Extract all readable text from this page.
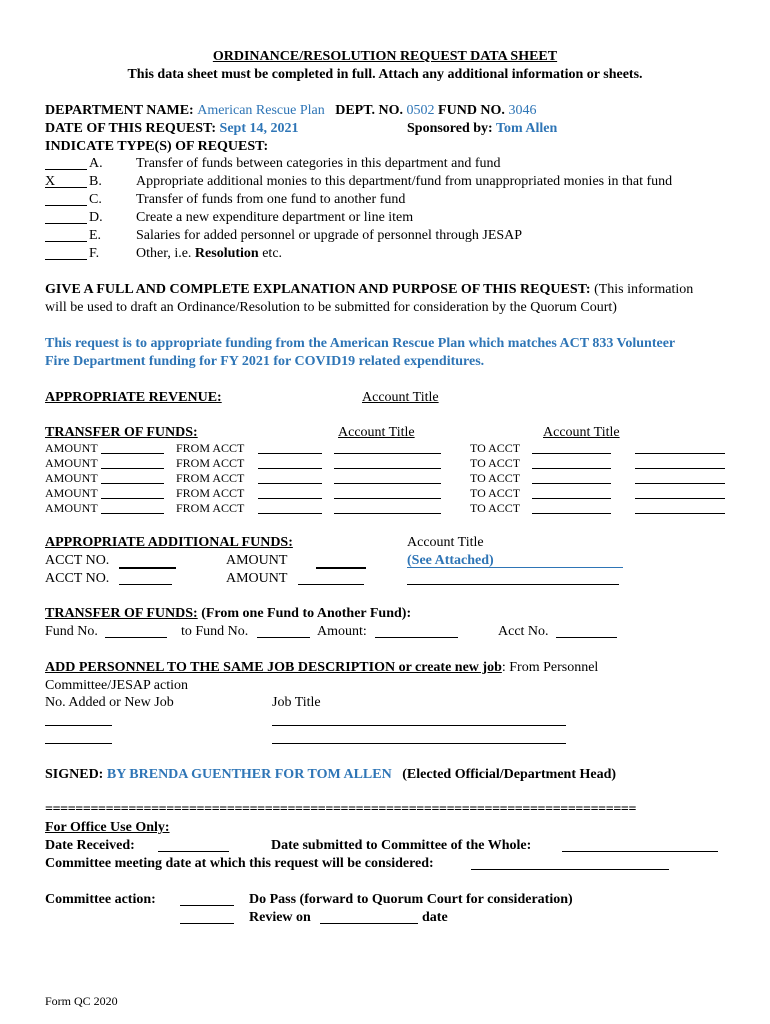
ORDINANCE/RESOLUTION REQUEST DATA SHEET
This data sheet must be completed in full. Attach any additional information or sheets.
DEPARTMENT NAME: American Rescue Plan DEPT. NO. 0502 FUND NO. 3046
DATE OF THIS REQUEST: Sept 14, 2021	Sponsored by: Tom Allen
INDICATE TYPE(S) OF REQUEST:
A. Transfer of funds between categories in this department and fund
X	B. Appropriate additional monies to this department/fund from unappropriated monies in that fund
C. Transfer of funds from one fund to another fund
D. Create a new expenditure department or line item
E. Salaries for added personnel or upgrade of personnel through JESAP
F.	Other, i.e. Resolution etc.
GIVE A FULL AND COMPLETE EXPLANATION AND PURPOSE OF THIS REQUEST: (This information
will be used to draft an Ordinance/Resolution to be submitted for consideration by the Quorum Court)
This request is to appropriate funding from the American Rescue Plan which matches ACT 833 Volunteer
Fire Department funding for FY 2021 for COVID19 related expenditures.
APPROPRIATE REVENUE:	Account Title
TRANSFER OF FUNDS:	Account Title	Account Title
AMOUNT	FROM ACCT	TO ACCT
AMOUNT	FROM ACCT	TO ACCT
AMOUNT	FROM ACCT	TO ACCT
AMOUNT	FROM ACCT	TO ACCT
AMOUNT	FROM ACCT	TO ACCT
APPROPRIATE ADDITIONAL FUNDS:	Account Title
ACCT NO.	AMOUNT	(See Attached)
ACCT NO.	AMOUNT
TRANSFER OF FUNDS: (From one Fund to Another Fund):
Fund No.	to Fund No.	Amount:	Acct No.
ADD PERSONNEL TO THE SAME JOB DESCRIPTION or create new job: From Personnel
Committee/JESAP action
No. Added or New Job	Job Title
SIGNED: BY BRENDA GUENTHER FOR TOM ALLEN (Elected Official/Department Head)
==============================================================================
For Office Use Only:
Date Received:	Date submitted to Committee of the Whole:
Committee meeting date at which this request will be considered:
Committee action:	Do Pass (forward to Quorum Court for consideration)
Review on	date
Form QC 2020
